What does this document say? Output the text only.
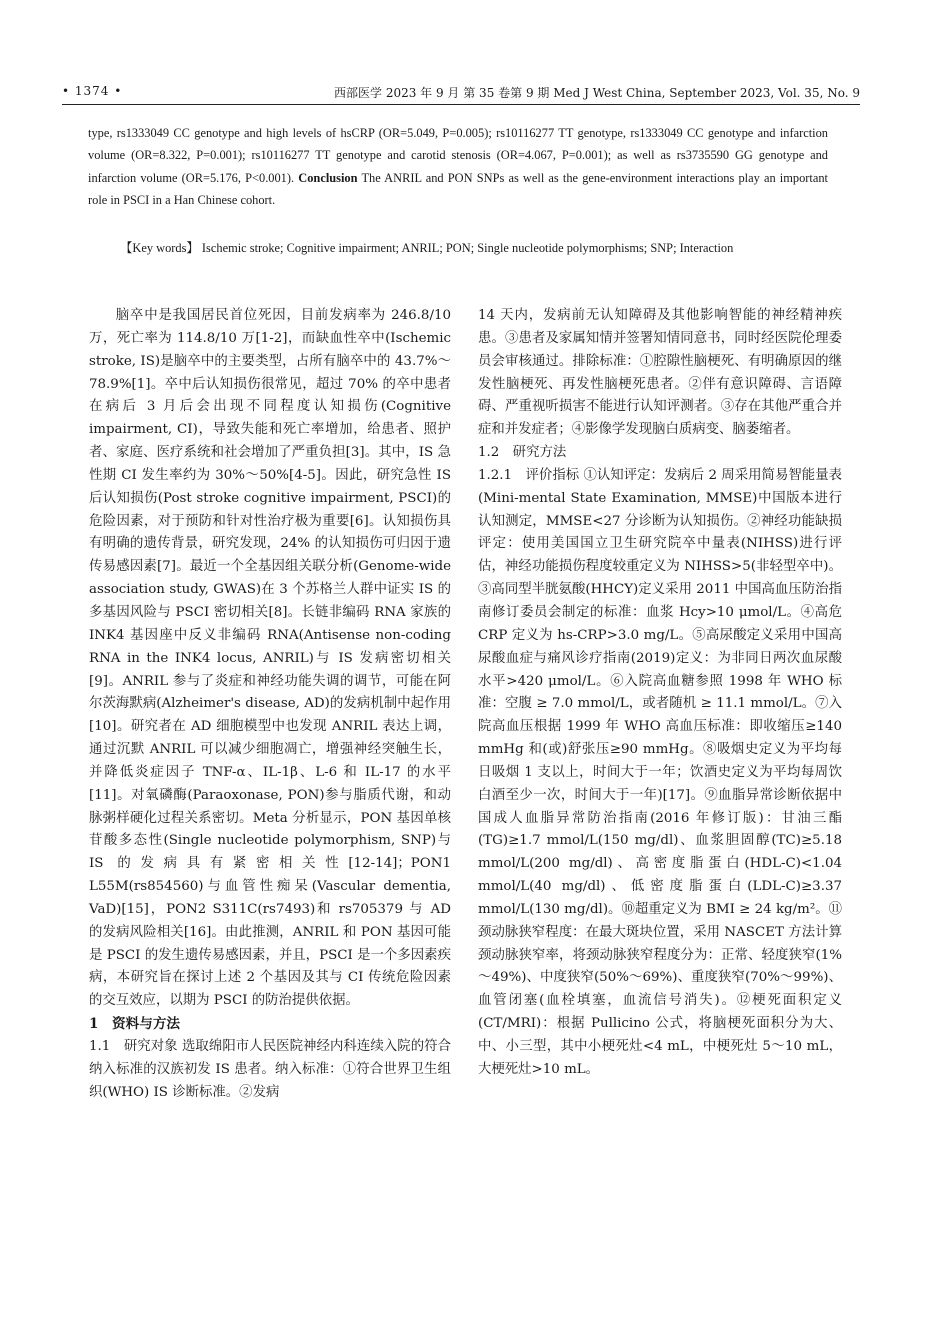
• 1374 •	西部医学 2023 年 9 月 第 35 卷第 9 期 Med J West China, September 2023, Vol. 35, No. 9

type, rs1333049 CC genotype and high levels of hsCRP (OR=5.049, P=0.005); rs10116277 TT genotype, rs1333049 CC genotype and infarction volume (OR=8.322, P=0.001); rs10116277 TT genotype and carotid stenosis (OR=4.067, P=0.001); as well as rs3735590 GG genotype and infarction volume (OR=5.176, P<0.001). Conclusion The ANRIL and PON SNPs as well as the gene-environment interactions play an important role in PSCI in a Han Chinese cohort.

【Key words】 Ischemic stroke; Cognitive impairment; ANRIL; PON; Single nucleotide polymorphisms; SNP; Interaction

脑卒中是我国居民首位死因，目前发病率为 246.8/10 万，死亡率为 114.8/10 万[1-2]，而缺血性卒中(Ischemic stroke, IS)是脑卒中的主要类型，占所有脑卒中的 43.7%～78.9%[1]。卒中后认知损伤很常见，超过 70% 的卒中患者在病后 3 月后会出现不同程度认知损伤(Cognitive impairment, CI)，导致失能和死亡率增加，给患者、照护者、家庭、医疗系统和社会增加了严重负担[3]。其中，IS 急性期 CI 发生率约为 30%～50%[4-5]。因此，研究急性 IS 后认知损伤(Post stroke cognitive impairment, PSCI)的危险因素，对于预防和针对性治疗极为重要[6]。认知损伤具有明确的遗传背景，研究发现，24% 的认知损伤可归因于遗传易感因素[7]。最近一个全基因组关联分析(Genome-wide association study, GWAS)在 3 个苏格兰人群中证实 IS 的多基因风险与 PSCI 密切相关[8]。长链非编码 RNA 家族的 INK4 基因座中反义非编码 RNA(Antisense non-coding RNA in the INK4 locus, ANRIL)与 IS 发病密切相关[9]。ANRIL 参与了炎症和神经功能失调的调节，可能在阿尔茨海默病(Alzheimer's disease, AD)的发病机制中起作用[10]。研究者在 AD 细胞模型中也发现 ANRIL 表达上调，通过沉默 ANRIL 可以减少细胞凋亡，增强神经突触生长，并降低炎症因子 TNF-α、IL-1β、L-6 和 IL-17 的水平[11]。对氧磷酶(Paraoxonase, PON)参与脂质代谢，和动脉粥样硬化过程关系密切。Meta 分析显示，PON 基因单核苷酸多态性(Single nucleotide polymorphism, SNP)与 IS 的发病具有紧密相关性[12-14]；PON1 L55M(rs854560)与血管性痴呆(Vascular dementia, VaD)[15]，PON2 S311C(rs7493)和 rs705379 与 AD 的发病风险相关[16]。由此推测，ANRIL 和 PON 基因可能是 PSCI 的发生遗传易感因素，并且，PSCI 是一个多因素疾病，本研究旨在探讨上述 2 个基因及其与 CI 传统危险因素的交互效应，以期为 PSCI 的防治提供依据。

1　资料与方法

1.1　研究对象 选取绵阳市人民医院神经内科连续入院的符合纳入标准的汉族初发 IS 患者。纳入标准：①符合世界卫生组织(WHO) IS 诊断标准。②发病

14 天内，发病前无认知障碍及其他影响智能的神经精神疾患。③患者及家属知情并签署知情同意书，同时经医院伦理委员会审核通过。排除标准：①腔隙性脑梗死、有明确原因的继发性脑梗死、再发性脑梗死患者。②伴有意识障碍、言语障碍、严重视听损害不能进行认知评测者。③存在其他严重合并症和并发症者；④影像学发现脑白质病变、脑萎缩者。

1.2　研究方法

1.2.1　评价指标 ①认知评定：发病后 2 周采用简易智能量表(Mini-mental State Examination, MMSE)中国版本进行认知测定，MMSE<27 分诊断为认知损伤。②神经功能缺损评定：使用美国国立卫生研究院卒中量表(NIHSS)进行评估，神经功能损伤程度较重定义为 NIHSS>5(非轻型卒中)。③高同型半胱氨酸(HHCY)定义采用 2011 中国高血压防治指南修订委员会制定的标准：血浆 Hcy>10 μmol/L。④高危 CRP 定义为 hs-CRP>3.0 mg/L。⑤高尿酸定义采用中国高尿酸血症与痛风诊疗指南(2019)定义：为非同日两次血尿酸水平>420 μmol/L。⑥入院高血糖参照 1998 年 WHO 标准：空腹 ≥ 7.0 mmol/L，或者随机 ≥ 11.1 mmol/L。⑦入院高血压根据 1999 年 WHO 高血压标准：即收缩压≥140 mmHg 和(或)舒张压≥90 mmHg。⑧吸烟史定义为平均每日吸烟 1 支以上，时间大于一年；饮酒史定义为平均每周饮白酒至少一次，时间大于一年)[17]。⑨血脂异常诊断依据中国成人血脂异常防治指南(2016 年修订版)：甘油三酯(TG)≥1.7 mmol/L(150 mg/dl)、血浆胆固醇(TC)≥5.18 mmol/L(200 mg/dl)、高密度脂蛋白(HDL-C)<1.04 mmol/L(40 mg/dl)、低密度脂蛋白(LDL-C)≥3.37 mmol/L(130 mg/dl)。⑩超重定义为 BMI ≥ 24 kg/m²。⑪颈动脉狭窄程度：在最大斑块位置，采用 NASCET 方法计算颈动脉狭窄率，将颈动脉狭窄程度分为：正常、轻度狭窄(1%～49%)、中度狭窄(50%～69%)、重度狭窄(70%～99%)、血管闭塞(血栓填塞，血流信号消失)。⑫梗死面积定义(CT/MRI)：根据 Pullicino 公式，将脑梗死面积分为大、中、小三型，其中小梗死灶<4 mL，中梗死灶 5～10 mL，大梗死灶>10 mL。
